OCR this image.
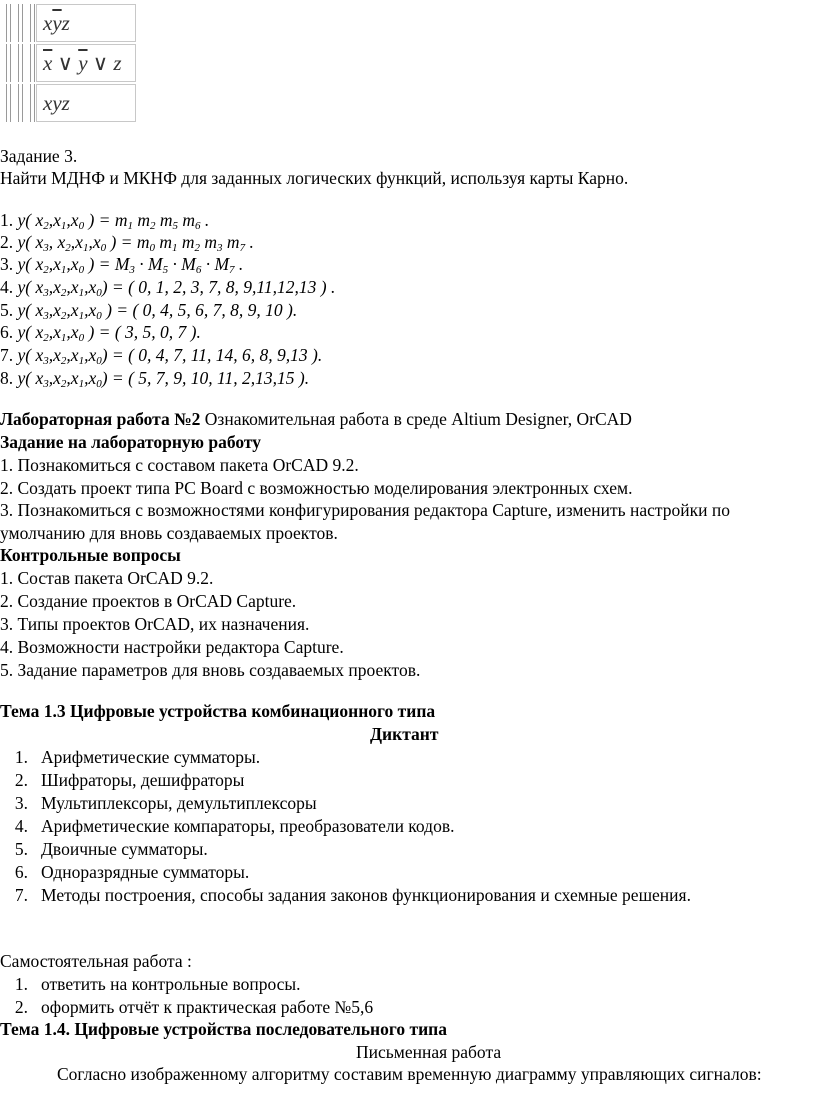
$x\overline{y}z$
$\overline{x}$ ∨ $\overline{y}$ ∨ z
xyz
Задание 3.
Найти МДНФ и МКНФ для заданных логических функций, используя карты Карно.
1. y( $x_2,x_1,x_0$ ) = $m_1$ $m_2$ $m_5$ $m_6$ .
2. y( $x_3$, $x_2,x_1,x_0$ ) = $m_0$ $m_1$ $m_2$ $m_3$ $m_7$ .
3. y( $x_2,x_1,x_0$ ) = $M_3 \cdot M_5 \cdot M_6 \cdot M_7$ .
4. y( $x_3,x_2,x_1,x_0$) = ( 0, 1, 2, 3, 7, 8, 9,11,12,13 ) .
5. y( $x_3,x_2,x_1,x_0$ ) = ( 0, 4, 5, 6, 7, 8, 9, 10 ).
6. y( $x_2,x_1,x_0$ ) = ( 3, 5, 0, 7 ).
7. y( $x_3,x_2,x_1,x_0$) = ( 0, 4, 7, 11, 14, 6, 8, 9,13 ).
8. y( $x_3,x_2,x_1,x_0$) = ( 5, 7, 9, 10, 11, 2,13,15 ).
Лабораторная работа №2 Ознакомительная работа в среде Altium Designer, OrCAD
Задание на лабораторную работу
1. Познакомиться с составом пакета OrCAD 9.2.
2. Создать проект типа PC Board с возможностью моделирования электронных схем.
3. Познакомиться с возможностями конфигурирования редактора Capture, изменить настройки по умолчанию для вновь создаваемых проектов.
Контрольные вопросы
1. Состав пакета OrCAD 9.2.
2. Создание проектов в OrCAD Capture.
3. Типы проектов OrCAD, их назначения.
4. Возможности настройки редактора Capture.
5. Задание параметров для вновь создаваемых проектов.
Тема 1.3 Цифровые устройства комбинационного типа
Диктант
1. Арифметические сумматоры.
2. Шифраторы, дешифраторы
3. Мультиплексоры, демультиплексоры
4. Арифметические компараторы, преобразователи кодов.
5. Двоичные сумматоры.
6. Одноразрядные сумматоры.
7. Методы построения, способы задания законов функционирования и схемные решения.
Самостоятельная работа :
1. ответить на контрольные вопросы.
2. оформить отчёт к практическая работе №5,6
Тема 1.4. Цифровые устройства последовательного типа
Письменная работа
Согласно изображенному алгоритму составим временную диаграмму управляющих сигналов:
